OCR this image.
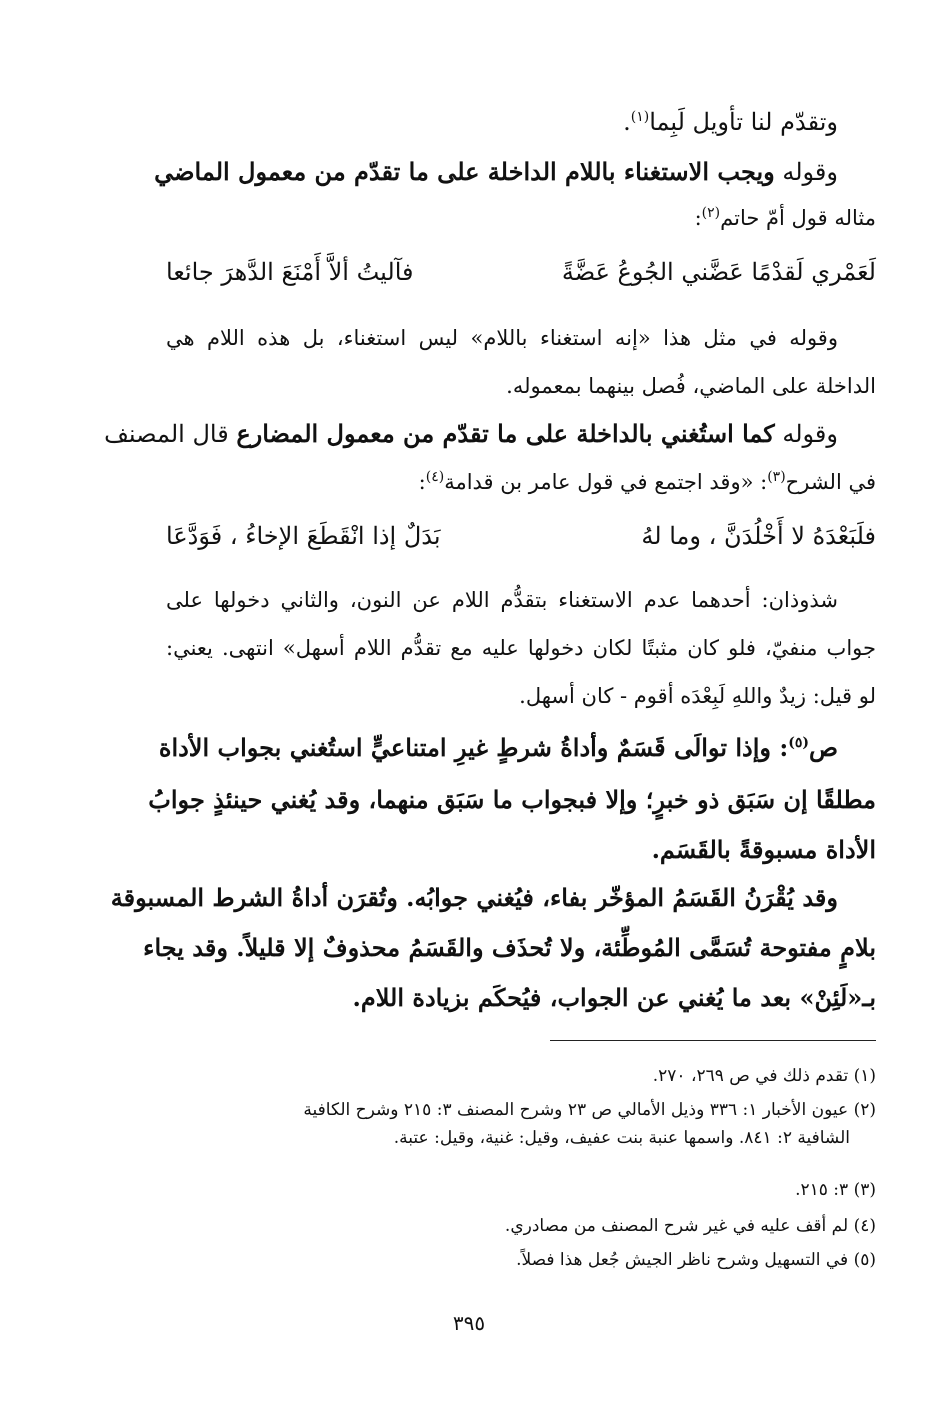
وتقدّم لنا تأويل لَبِما$^{(١)}$.
وقوله ويجب الاستغناء باللام الداخلة على ما تقدّم من معمول الماضي
مثاله قول أمّ حاتم$^{(٢)}$:
لَعَمْري لَقدْمًا عَضَّني الجُوعُ عَضَّةً
فآليتُ ألاَّ أَمْنَعَ الدَّهرَ جائعا
وقوله في مثل هذا «إنه استغناء باللام» ليس استغناء، بل هذه اللام هي
الداخلة على الماضي، فُصل بينهما بمعموله.
وقوله كما استُغني بالداخلة على ما تقدّم من معمول المضارع قال المصنف
في الشرح$^{(٣)}$: «وقد اجتمع في قول عامر بن قدامة$^{(٤)}$:
فلَبَعْدَهُ لا أَخْلُدَنَّ ، وما لهُ
بَدَلٌ إذا انْقَطَعَ الإخاءُ ، فَوَدَّعَا
شذوذان: أحدهما عدم الاستغناء بتقدُّم اللام عن النون، والثاني دخولها على
جواب منفيّ، فلو كان مثبتًا لكان دخولها عليه مع تقدُّم اللام أسهل» انتهى. يعني:
لو قيل: زيدٌ واللهِ لَبِعْدَه أقوم - كان أسهل.
ص$^{(٥)}$: وإذا توالَى قَسَمٌ وأداةُ شرطٍ غيرِ امتناعيٍّ استُغني بجواب الأداة
مطلقًا إن سَبَق ذو خبرٍ؛ وإلا فبجواب ما سَبَق منهما، وقد يُغني حينئذٍ جوابُ
الأداة مسبوقةً بالقَسَم.
وقد يُقْرَنُ القَسَمُ المؤخّر بفاء، فيُغني جوابُه. وتُقرَن أداةُ الشرط المسبوقة
بلامٍ مفتوحة تُسَمَّى المُوطِّئة، ولا تُحذَف والقَسَمُ محذوفٌ إلا قليلاً. وقد يجاء
بـ«لَئِنْ» بعد ما يُغني عن الجواب، فيُحكَم بزيادة اللام.
(١) تقدم ذلك في ص ٢٦٩، ٢٧٠.
(٢) عيون الأخبار ١: ٣٣٦ وذيل الأمالي ص ٢٣ وشرح المصنف ٣: ٢١٥ وشرح الكافية
الشافية ٢: ٨٤١. واسمها عنبة بنت عفيف، وقيل: غنية، وقيل: عتبة.
(٣) ٣: ٢١٥.
(٤) لم أقف عليه في غير شرح المصنف من مصادري.
(٥) في التسهيل وشرح ناظر الجيش جُعل هذا فصلاً.
٣٩٥
